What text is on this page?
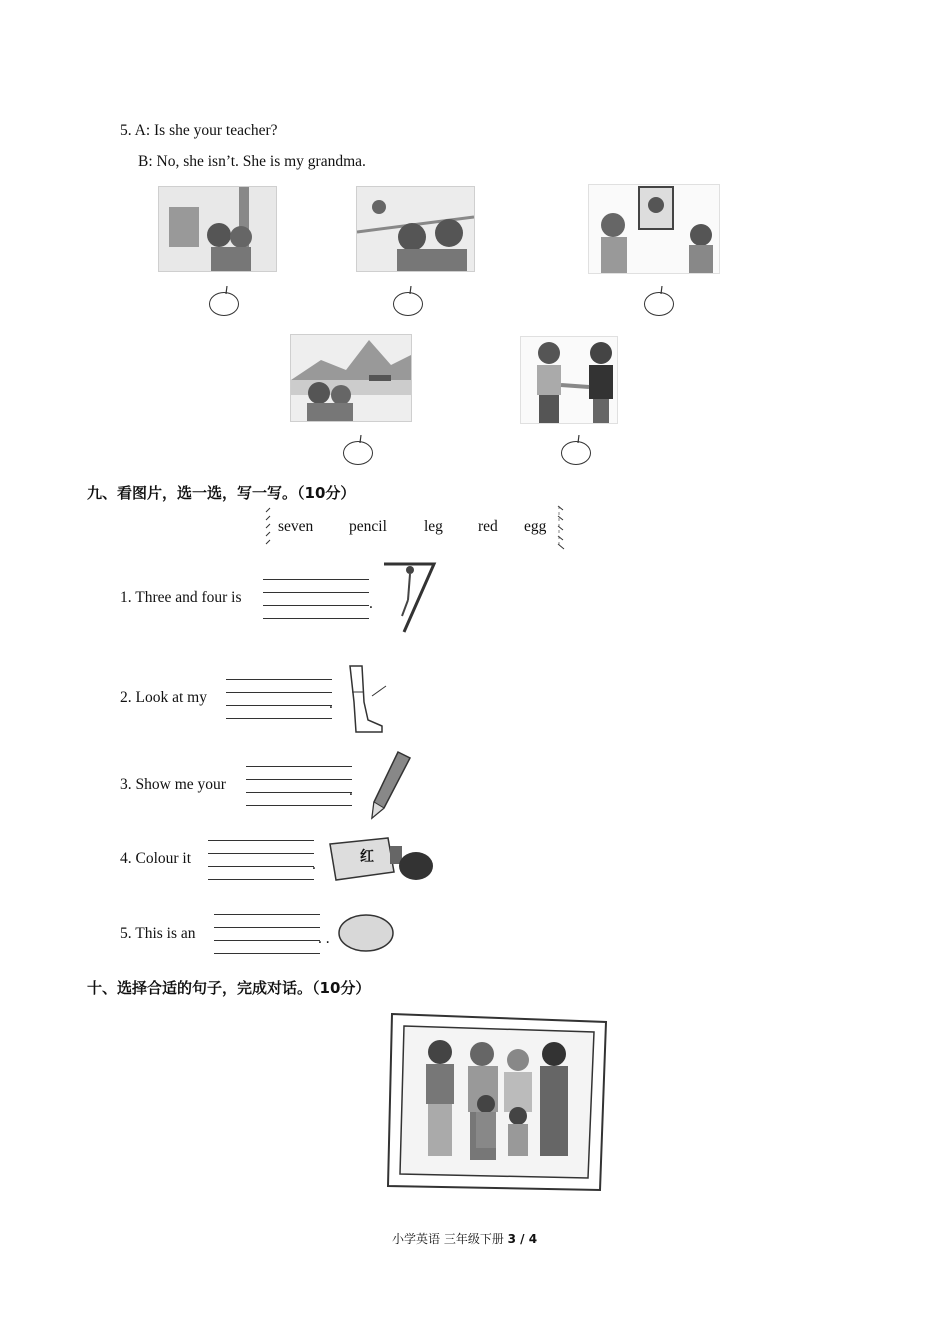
5. A: Is she your teacher?
B: No, she isn’t. She is my grandma.
九、看图片，选一选，写一写。（10分）
seven pencil leg red egg
1. Three and four is	.
2. Look at my	.
3. Show me your	.
4. Colour it	.	红
5. This is an	. .
十、选择合适的句子，完成对话。（10分）
小学英语 三年级下册 3 / 4
